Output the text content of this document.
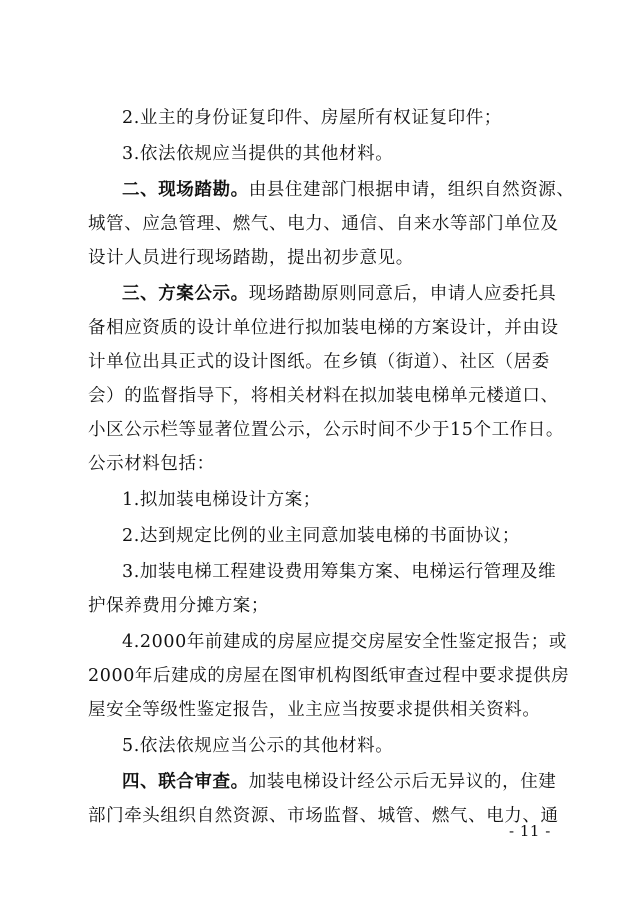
2.业主的身份证复印件、房屋所有权证复印件；
3.依法依规应当提供的其他材料。
二、现场踏勘。由县住建部门根据申请，组织自然资源、
城管、应急管理、燃气、电力、通信、自来水等部门单位及
设计人员进行现场踏勘，提出初步意见。
三、方案公示。现场踏勘原则同意后，申请人应委托具
备相应资质的设计单位进行拟加装电梯的方案设计，并由设
计单位出具正式的设计图纸。在乡镇（街道）、社区（居委
会）的监督指导下，将相关材料在拟加装电梯单元楼道口、
小区公示栏等显著位置公示，公示时间不少于15个工作日。
公示材料包括：
1.拟加装电梯设计方案；
2.达到规定比例的业主同意加装电梯的书面协议；
3.加装电梯工程建设费用筹集方案、电梯运行管理及维
护保养费用分摊方案；
4.2000年前建成的房屋应提交房屋安全性鉴定报告；或
2000年后建成的房屋在图审机构图纸审查过程中要求提供房
屋安全等级性鉴定报告，业主应当按要求提供相关资料。
5.依法依规应当公示的其他材料。
四、联合审查。加装电梯设计经公示后无异议的，住建
部门牵头组织自然资源、市场监督、城管、燃气、电力、通
- 11 -
